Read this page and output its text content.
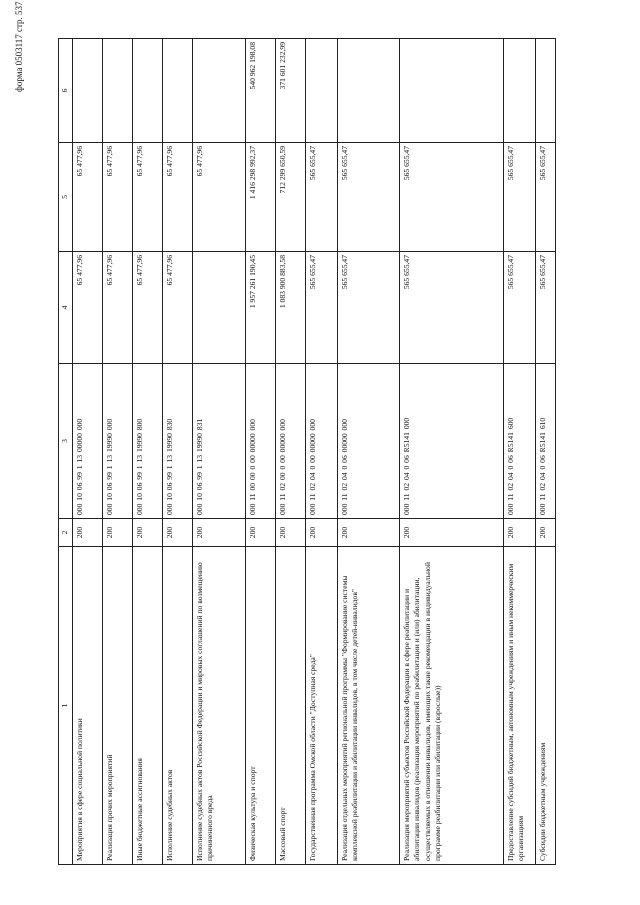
форма 0503117 стр. 537
1	2	3	4	5	6
Мероприятия в сфере социальной политики	200	000 10 06 99 1 13 00000 000	65 477,96	65 477,96	
Реализация прочих мероприятий	200	000 10 06 99 1 13 19990 000	65 477,96	65 477,96	
Иные бюджетные ассигнования	200	000 10 06 99 1 13 19990 800	65 477,96	65 477,96	
Исполнение судебных актов	200	000 10 06 99 1 13 19990 830	65 477,96	65 477,96	
Исполнение судебных актов Российской Федерации и мировых соглашений по возмещению причиненного вреда	200	000 10 06 99 1 13 19990 831		65 477,96	
Физическая культура и спорт	200	000 11 00 00 0 00 00000 000	1 957 261 190,45	1 416 298 992,37	540 962 198,08
Массовый спорт	200	000 11 02 00 0 00 00000 000	1 083 900 883,58	712 299 650,59	371 601 232,99
Государственная программа Омской области "Доступная среда"	200	000 11 02 04 0 00 00000 000	565 655,47	565 655,47	
Реализация отдельных мероприятий региональной программы "Формирование системы комплексной реабилитации и абилитации инвалидов, в том числе детей-инвалидов"	200	000 11 02 04 0 06 00000 000	565 655,47	565 655,47	
Реализация мероприятий субъектов Российской Федерации в сфере реабилитации и абилитации инвалидов (реализация мероприятий по реабилитации и (или) абилитации, осуществляемых в отношении инвалидов, имеющих такие рекомендации в индивидуальной программе реабилитации или абилитации (взрослые))	200	000 11 02 04 0 06 R5141 000	565 655,47	565 655,47	
Предоставление субсидий бюджетным, автономным учреждениям и иным некоммерческим организациям	200	000 11 02 04 0 06 R5141 600	565 655,47	565 655,47	
Субсидии бюджетным учреждениям	200	000 11 02 04 0 06 R5141 610	565 655,47	565 655,47	
